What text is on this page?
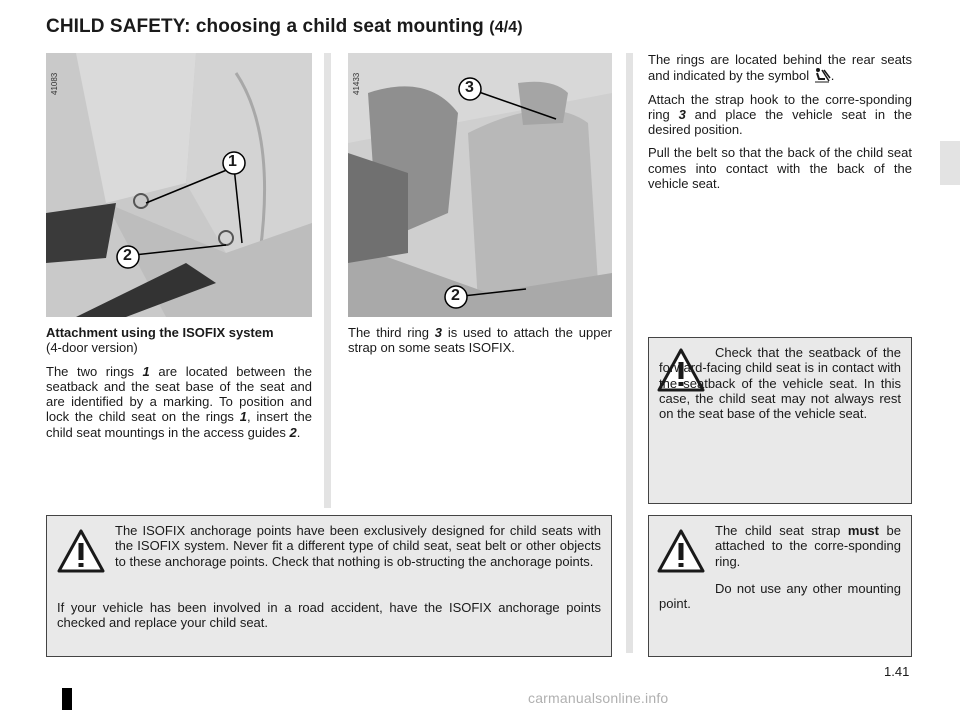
CHILD SAFETY: choosing a child seat mounting (4/4)
1
2
41083	3
2
41433

Attachment using the ISOFIX system

(4-door version)

The two rings 1 are located between the seatback and the seat base of the seat and are identified by a marking. To position and lock the child seat on the rings 1, insert the child seat mountings in the access guides 2.

The third ring 3 is used to attach the upper strap on some seats ISOFIX.

The rings are located behind the rear seats and indicated by the symbol .

Attach the strap hook to the corre-sponding ring 3 and place the vehicle seat in the desired position.

Pull the belt so that the back of the child seat comes into contact with the back of the vehicle seat.

Check that the seatback of the forward-facing child seat is in contact with the seatback of the vehicle seat. In this case, the child seat may not always rest on the seat base of the vehicle seat.

The ISOFIX anchorage points have been exclusively designed for child seats with the ISOFIX system. Never fit a different type of child seat, seat belt or other objects to these anchorage points. Check that nothing is ob-structing the anchorage points.

If your vehicle has been involved in a road accident, have the ISOFIX anchorage points checked and replace your child seat.

The child seat strap must be attached to the corre-sponding ring.

Do not use any other mounting point.

1.41
carmanualsonline.info
